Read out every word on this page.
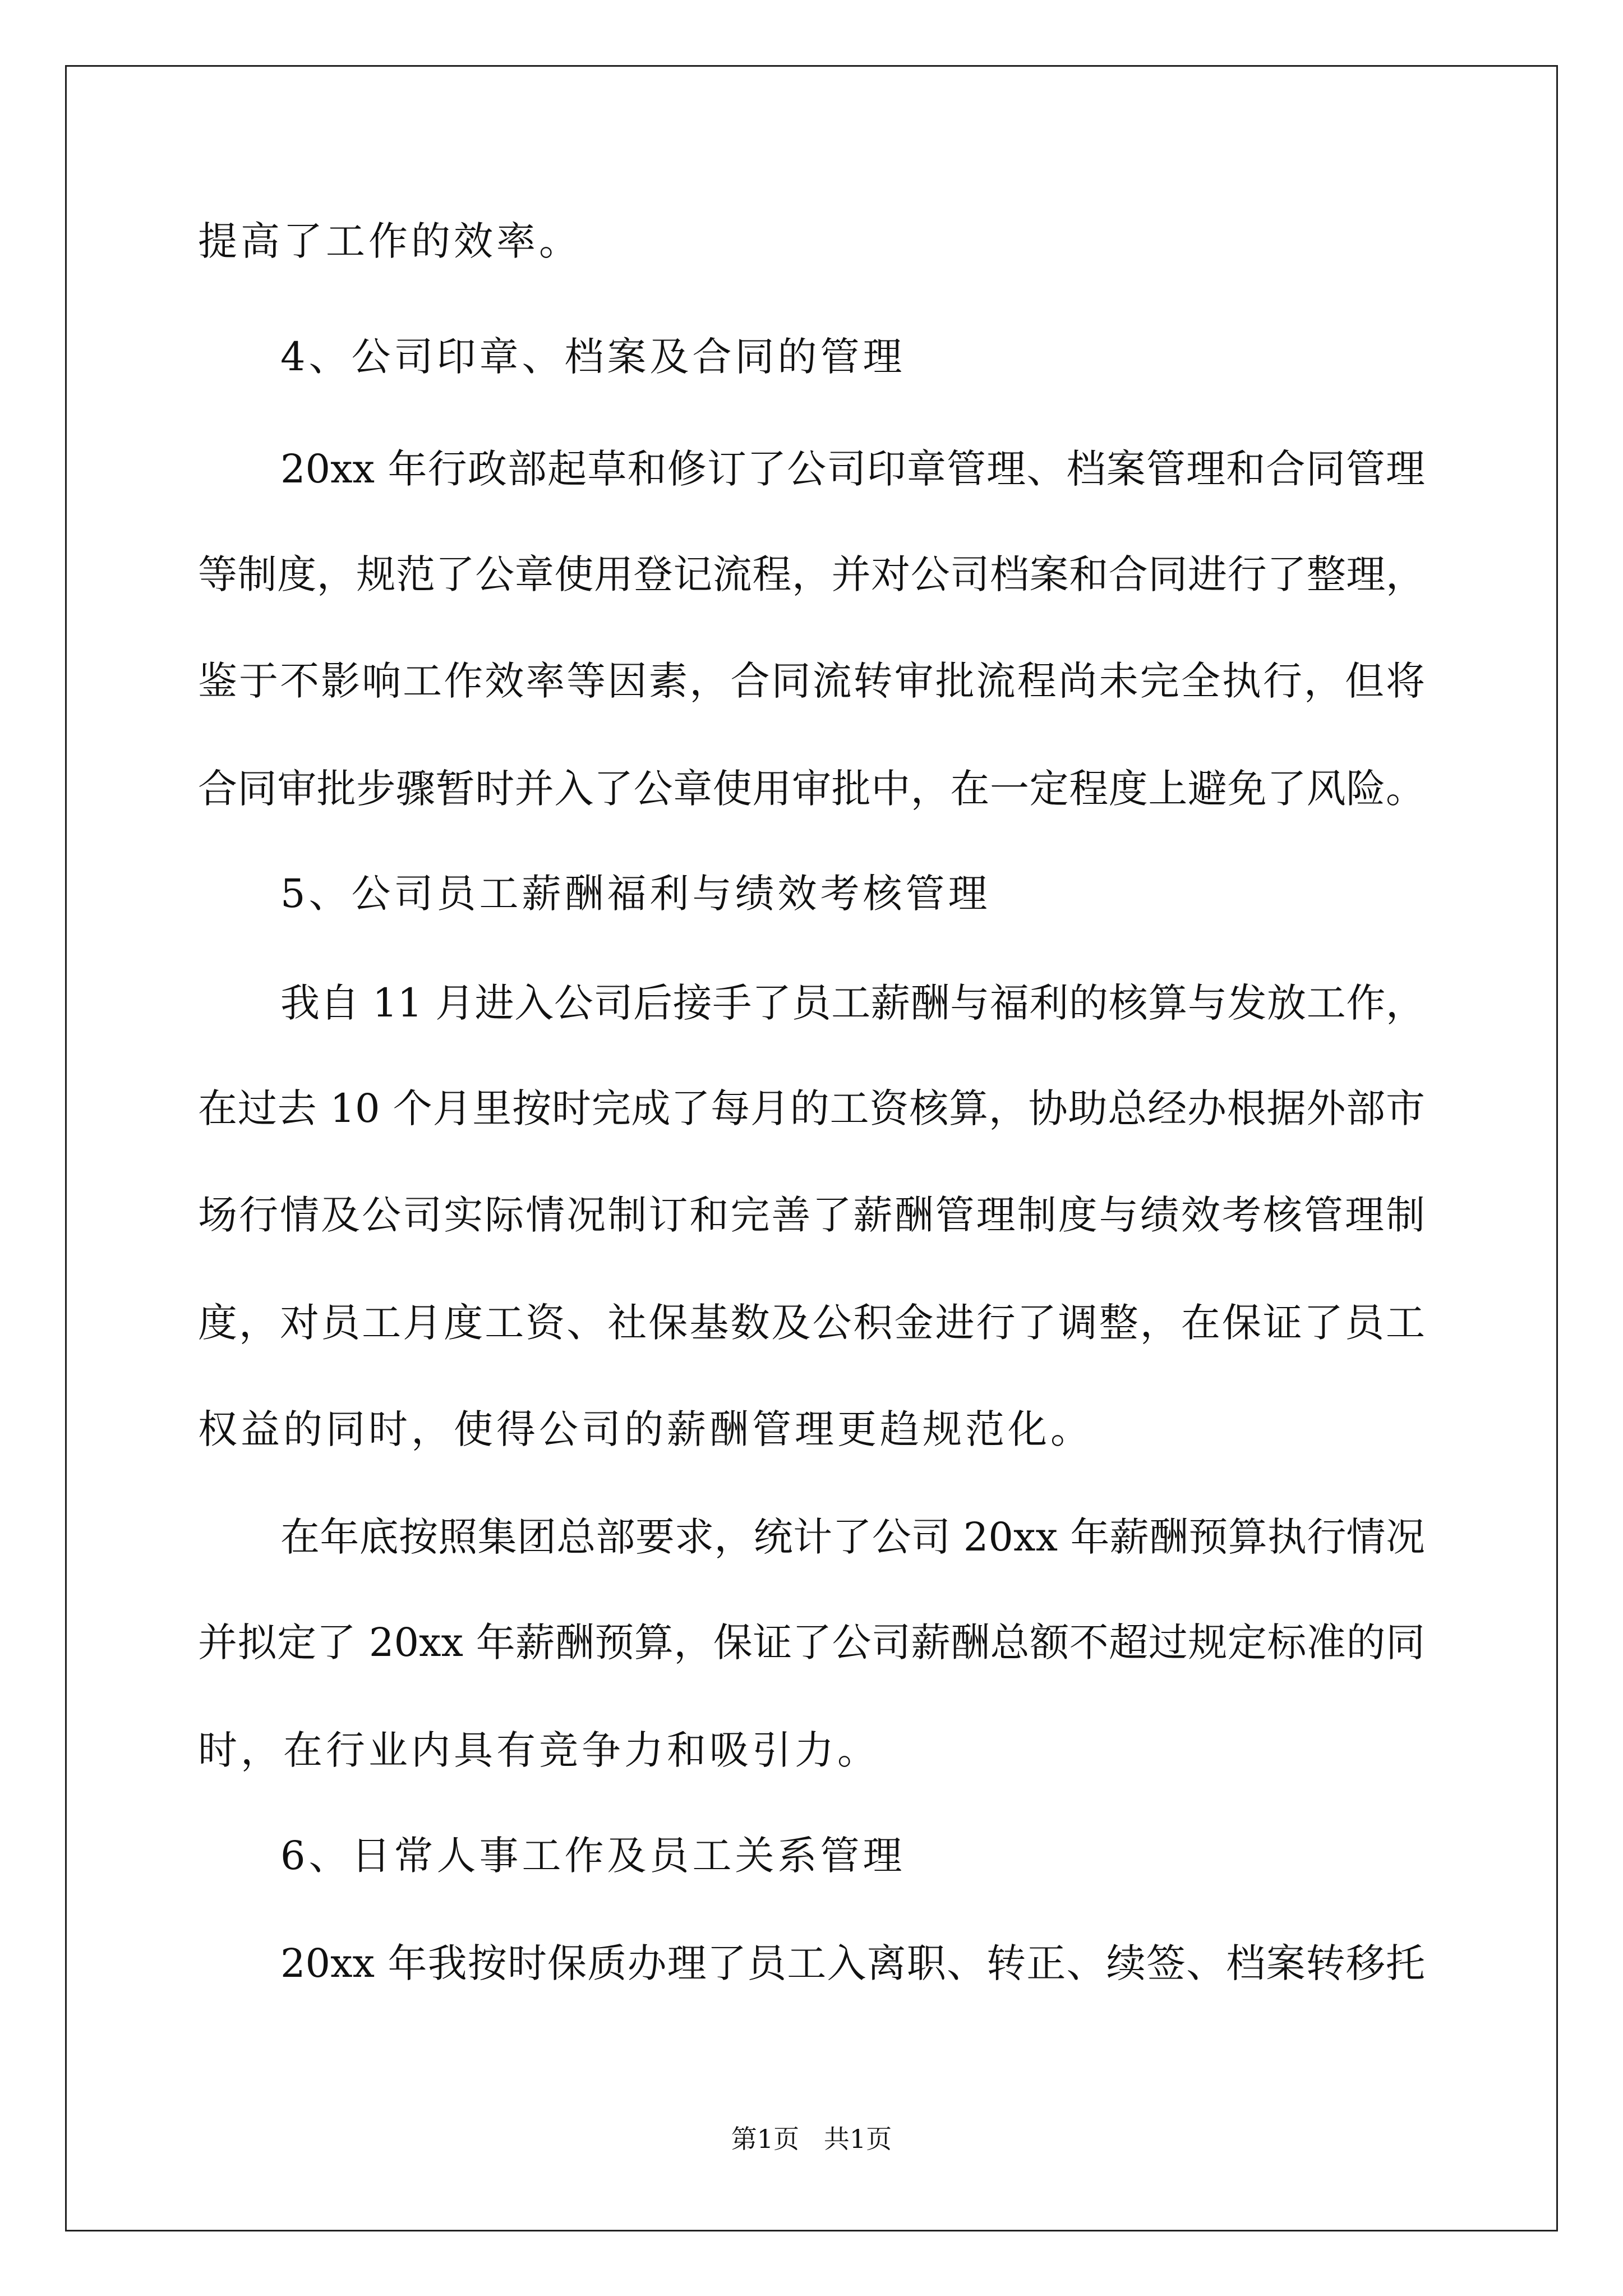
提高了工作的效率。
4、公司印章、档案及合同的管理
20xx 年行政部起草和修订了公司印章管理、档案管理和合同管理
等制度，规范了公章使用登记流程，并对公司档案和合同进行了整理，
鉴于不影响工作效率等因素，合同流转审批流程尚未完全执行，但将
合同审批步骤暂时并入了公章使用审批中，在一定程度上避免了风险。
5、公司员工薪酬福利与绩效考核管理
我自 11 月进入公司后接手了员工薪酬与福利的核算与发放工作，
在过去 10 个月里按时完成了每月的工资核算，协助总经办根据外部市
场行情及公司实际情况制订和完善了薪酬管理制度与绩效考核管理制
度，对员工月度工资、社保基数及公积金进行了调整，在保证了员工
权益的同时，使得公司的薪酬管理更趋规范化。
在年底按照集团总部要求，统计了公司 20xx 年薪酬预算执行情况
并拟定了 20xx 年薪酬预算，保证了公司薪酬总额不超过规定标准的同
时，在行业内具有竞争力和吸引力。
6、日常人事工作及员工关系管理
20xx 年我按时保质办理了员工入离职、转正、续签、档案转移托
第1页   共1页
